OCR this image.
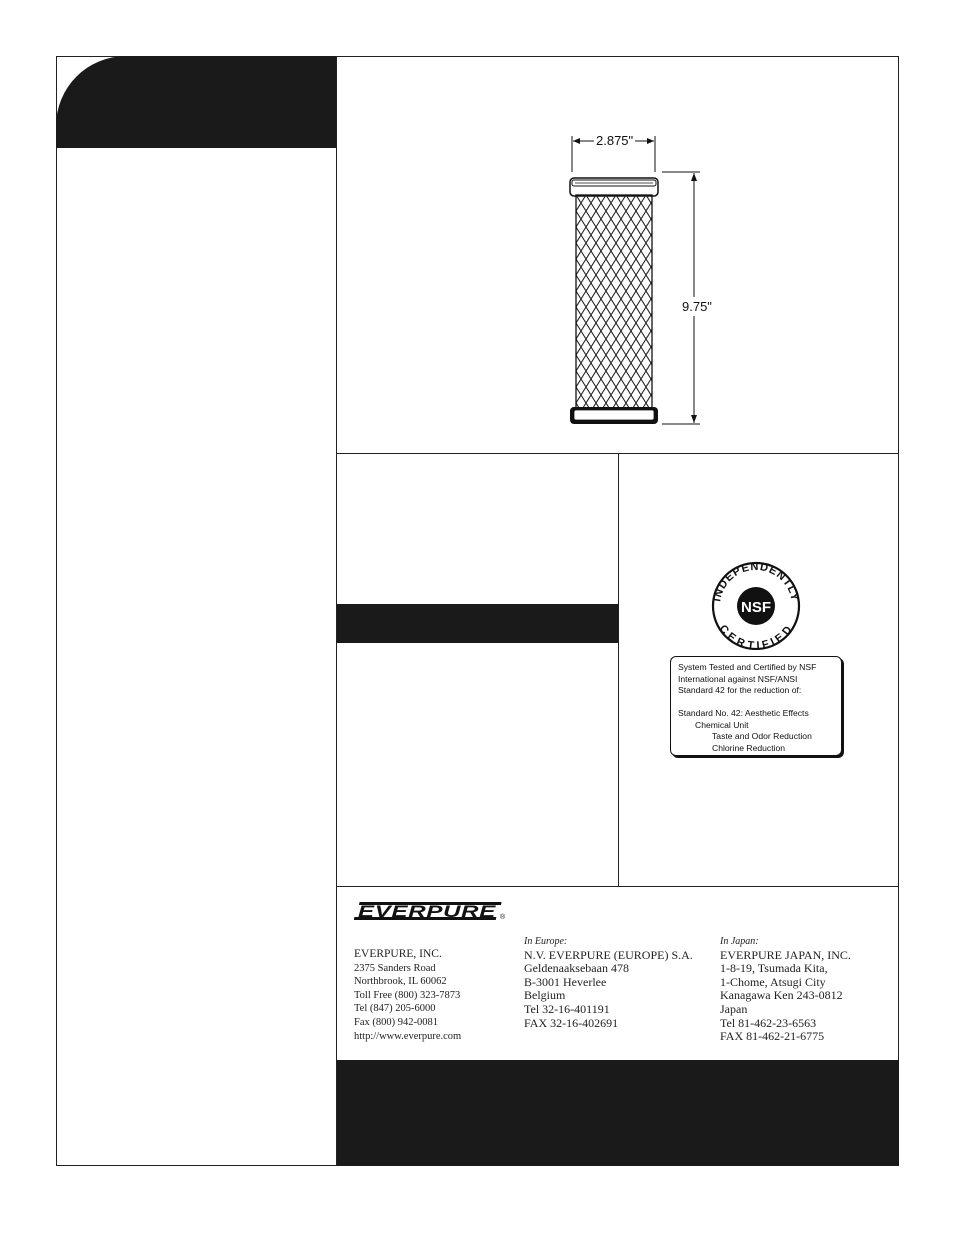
2.875"
9.75"
INDEPENDENTLY
CERTIFIED
NSF
System Tested and Certified by NSF
International against NSF/ANSI
Standard 42 for the reduction of:
Standard No. 42: Aesthetic Effects
Chemical Unit
Taste and Odor Reduction
Chlorine Reduction
EVERPURE ®
EVERPURE, INC.
2375 Sanders Road
Northbrook, IL 60062
Toll Free (800) 323-7873
Tel (847) 205-6000
Fax (800) 942-0081
http://www.everpure.com
In Europe:
N.V. EVERPURE (EUROPE) S.A.
Geldenaaksebaan 478
B-3001 Heverlee
Belgium
Tel 32-16-401191
FAX 32-16-402691
In Japan:
EVERPURE JAPAN, INC.
1-8-19, Tsumada Kita,
1-Chome, Atsugi City
Kanagawa Ken 243-0812
Japan
Tel 81-462-23-6563
FAX 81-462-21-6775
